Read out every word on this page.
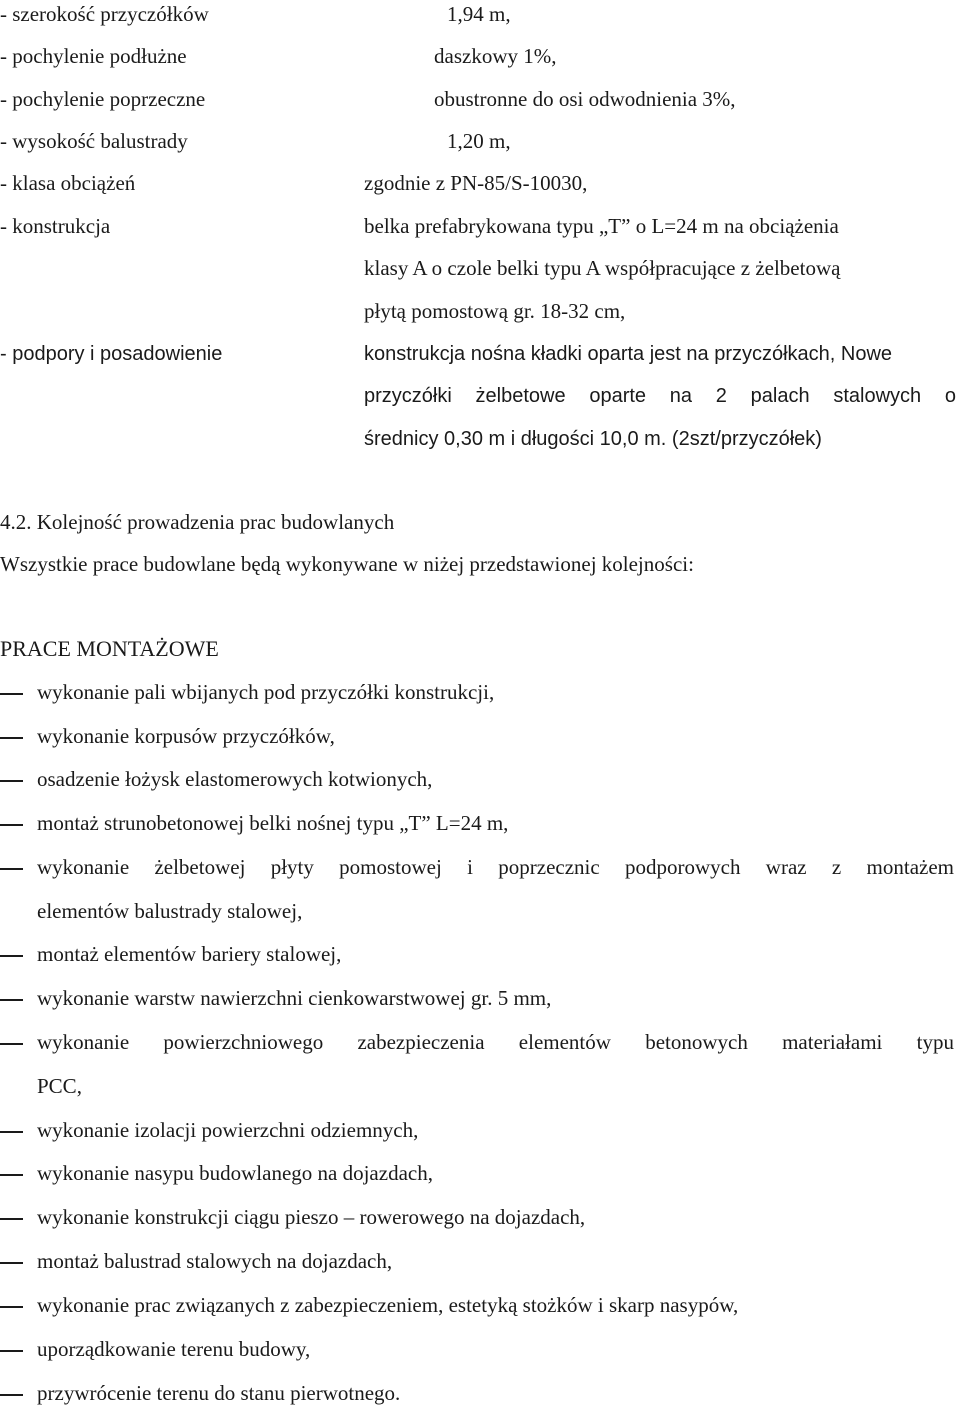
- szerokość przyczółków	1,94 m,
- pochylenie podłużne	daszkowy 1%,
- pochylenie poprzeczne	obustronne do osi odwodnienia 3%,
- wysokość balustrady	1,20 m,
- klasa obciążeń	zgodnie z PN-85/S-10030,
- konstrukcja	belka prefabrykowana typu „T” o L=24 m na obciążenia
klasy A o czole belki typu A współpracujące z żelbetową
płytą pomostową gr. 18-32 cm,
- podpory i posadowienie	konstrukcja nośna kładki oparta jest na przyczółkach, Nowe
przyczółki żelbetowe oparte na 2 palach stalowych o
średnicy 0,30 m i długości 10,0 m. (2szt/przyczółek)
4.2. Kolejność prowadzenia prac budowlanych
Wszystkie prace budowlane będą wykonywane w niżej przedstawionej kolejności:
PRACE MONTAŻOWE
wykonanie pali wbijanych pod przyczółki konstrukcji,
wykonanie korpusów przyczółków,
osadzenie łożysk elastomerowych kotwionych,
montaż strunobetonowej belki nośnej typu „T” L=24 m,
wykonanie żelbetowej płyty pomostowej i poprzecznic podporowych wraz z montażem
elementów balustrady stalowej,
montaż elementów bariery stalowej,
wykonanie warstw nawierzchni cienkowarstwowej gr. 5 mm,
wykonanie powierzchniowego zabezpieczenia elementów betonowych materiałami typu
PCC,
wykonanie izolacji powierzchni odziemnych,
wykonanie nasypu budowlanego na dojazdach,
wykonanie konstrukcji ciągu pieszo – rowerowego na dojazdach,
montaż balustrad stalowych na dojazdach,
wykonanie prac związanych z zabezpieczeniem, estetyką stożków i skarp nasypów,
uporządkowanie terenu budowy,
przywrócenie terenu do stanu pierwotnego.
